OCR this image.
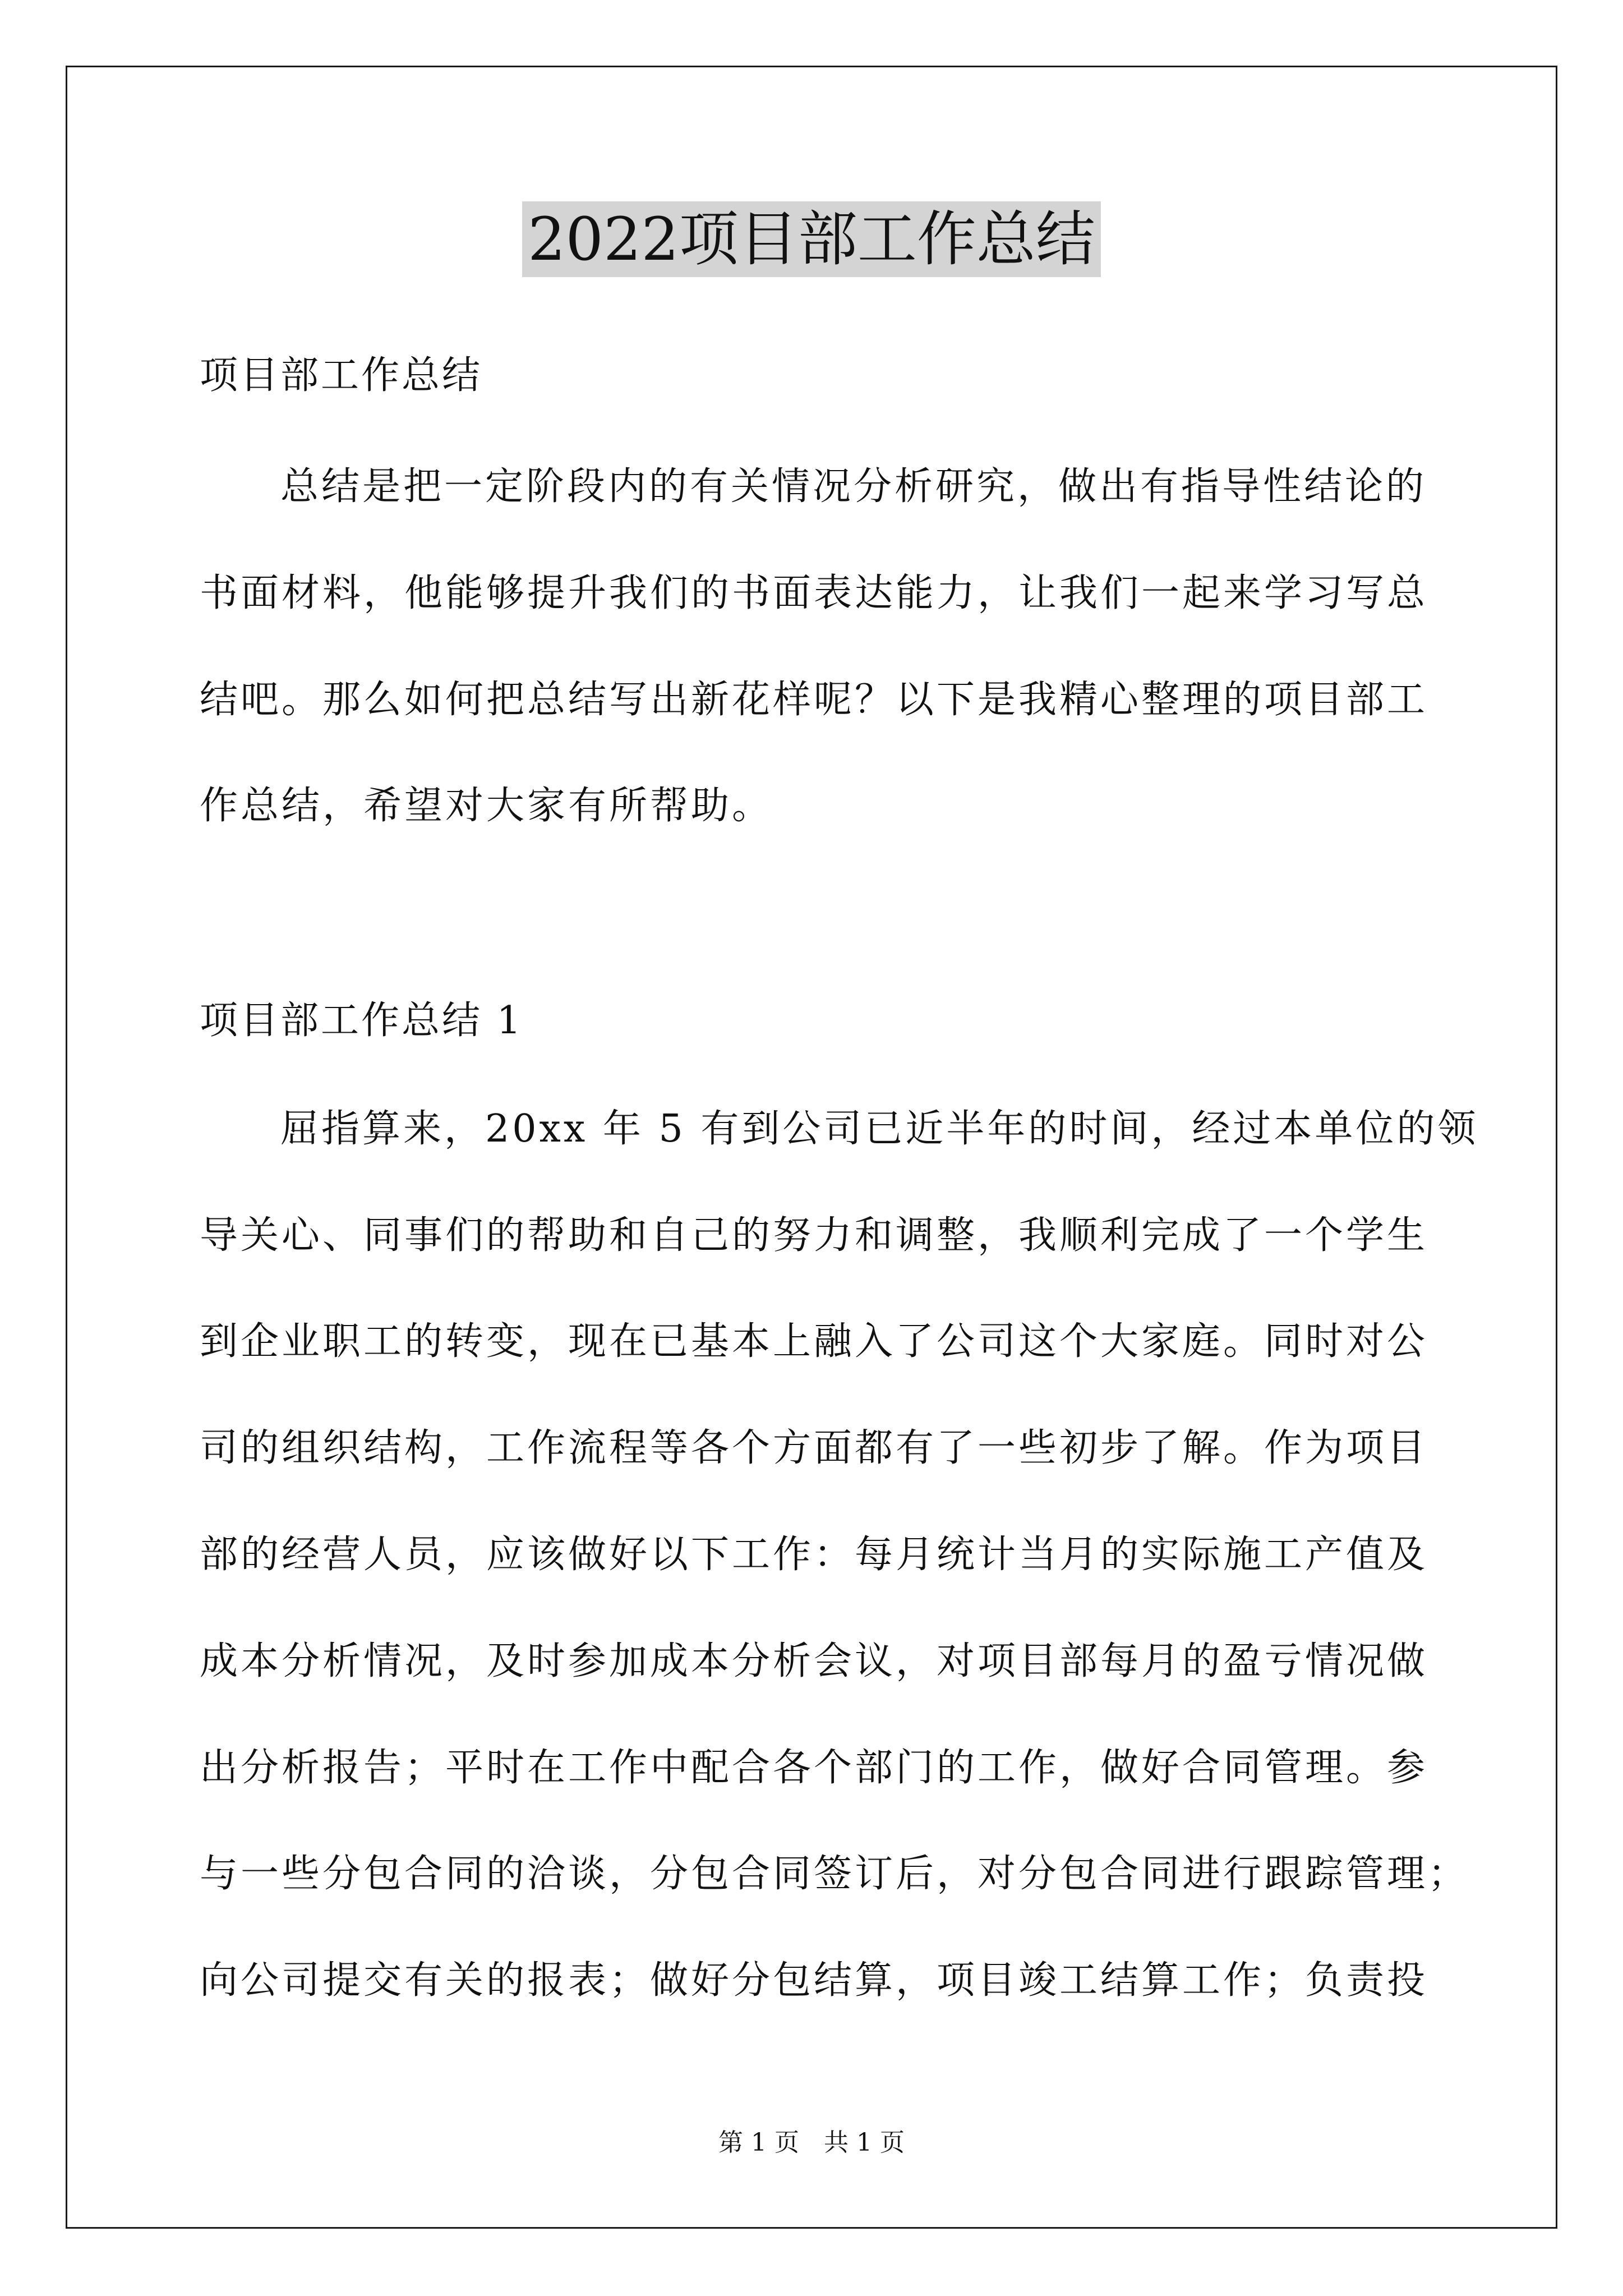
2022项目部工作总结
项目部工作总结
总结是把一定阶段内的有关情况分析研究，做出有指导性结论的
书面材料，他能够提升我们的书面表达能力，让我们一起来学习写总
结吧。那么如何把总结写出新花样呢？以下是我精心整理的项目部工
作总结，希望对大家有所帮助。
项目部工作总结 1
屈指算来，20xx 年 5 有到公司已近半年的时间，经过本单位的领
导关心、同事们的帮助和自己的努力和调整，我顺利完成了一个学生
到企业职工的转变，现在已基本上融入了公司这个大家庭。同时对公
司的组织结构，工作流程等各个方面都有了一些初步了解。作为项目
部的经营人员，应该做好以下工作：每月统计当月的实际施工产值及
成本分析情况，及时参加成本分析会议，对项目部每月的盈亏情况做
出分析报告；平时在工作中配合各个部门的工作，做好合同管理。参
与一些分包合同的洽谈，分包合同签订后，对分包合同进行跟踪管理；
向公司提交有关的报表；做好分包结算，项目竣工结算工作；负责投
第 1 页　共 1 页
